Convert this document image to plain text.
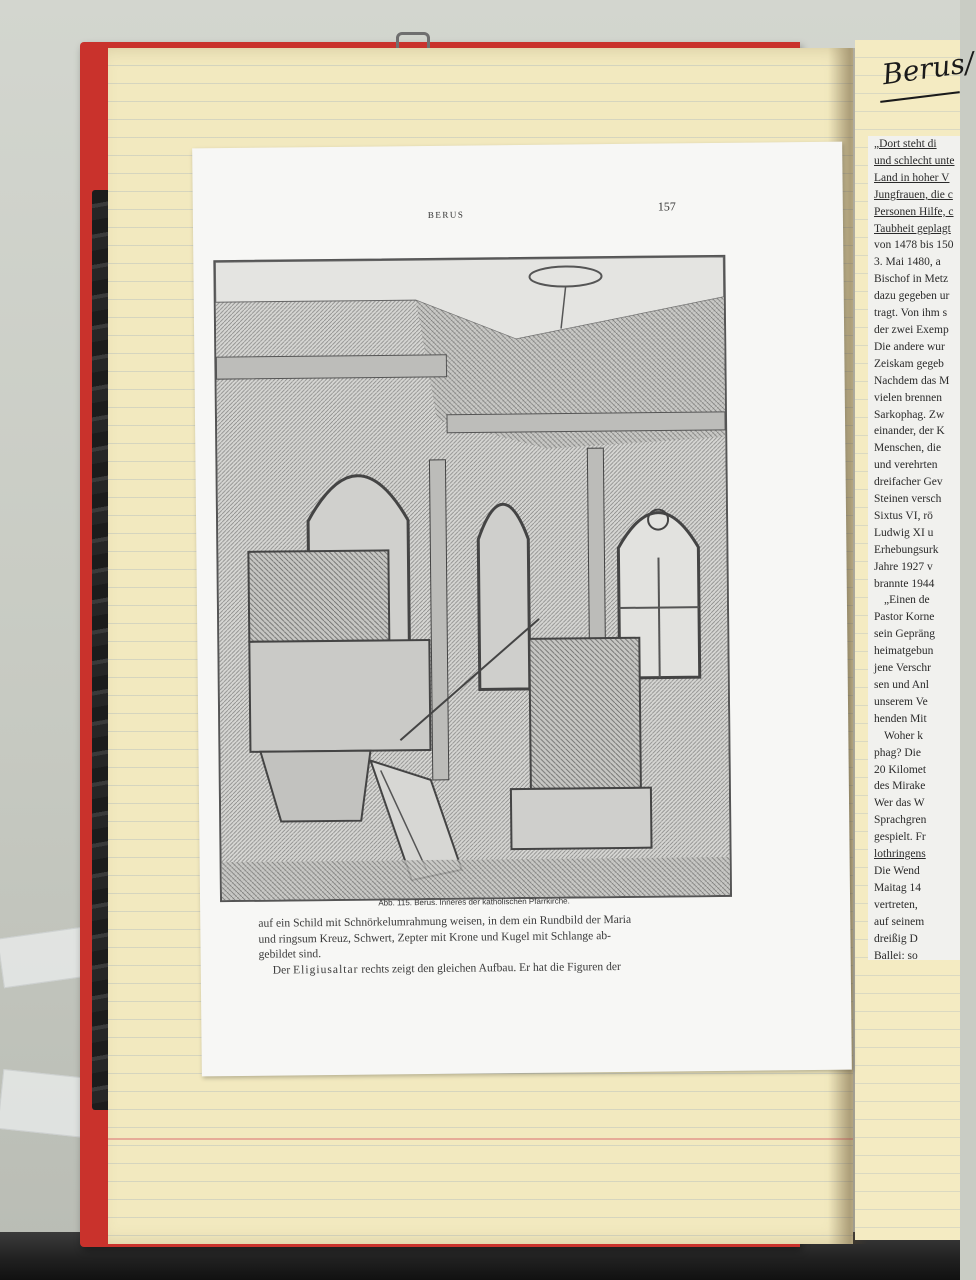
Berus/
„Dort steht di
und schlecht unte
Land in hoher V
Jungfrauen, die c
Personen Hilfe, c
Taubheit geplagt
von 1478 bis 150
3. Mai 1480, a
Bischof in Metz
dazu gegeben ur
tragt. Von ihm s
der zwei Exemp
Die andere wur
Zeiskam gegeb
Nachdem das M
vielen brennen
Sarkophag. Zw
einander, der K
Menschen, die
und verehrten
dreifacher Gev
Steinen versch
Sixtus VI, rö
Ludwig XI u
Erhebungsurk
Jahre 1927 v
brannte 1944
„Einen de
Pastor Korne
sein Gepräng
heimatgebun
jene Verschr
sen und Anl
unserem Ve
henden Mit
Woher k
phag? Die
20 Kilomet
des Mirake
Wer das W
Sprachgren
gespielt. Fr
lothringens
Die Wend
Maitag 14
vertreten,
auf seinem
dreißig D
Ballei: so
BERUS
157
Abb. 115. Berus. Inneres der katholischen Pfarrkirche.

auf ein Schild mit Schnörkelumrahmung weisen, in dem ein Rundbild der Maria

und ringsum Kreuz, Schwert, Zepter mit Krone und Kugel mit Schlange ab-

gebildet sind.

Der Eligiusaltar rechts zeigt den gleichen Aufbau. Er hat die Figuren der
